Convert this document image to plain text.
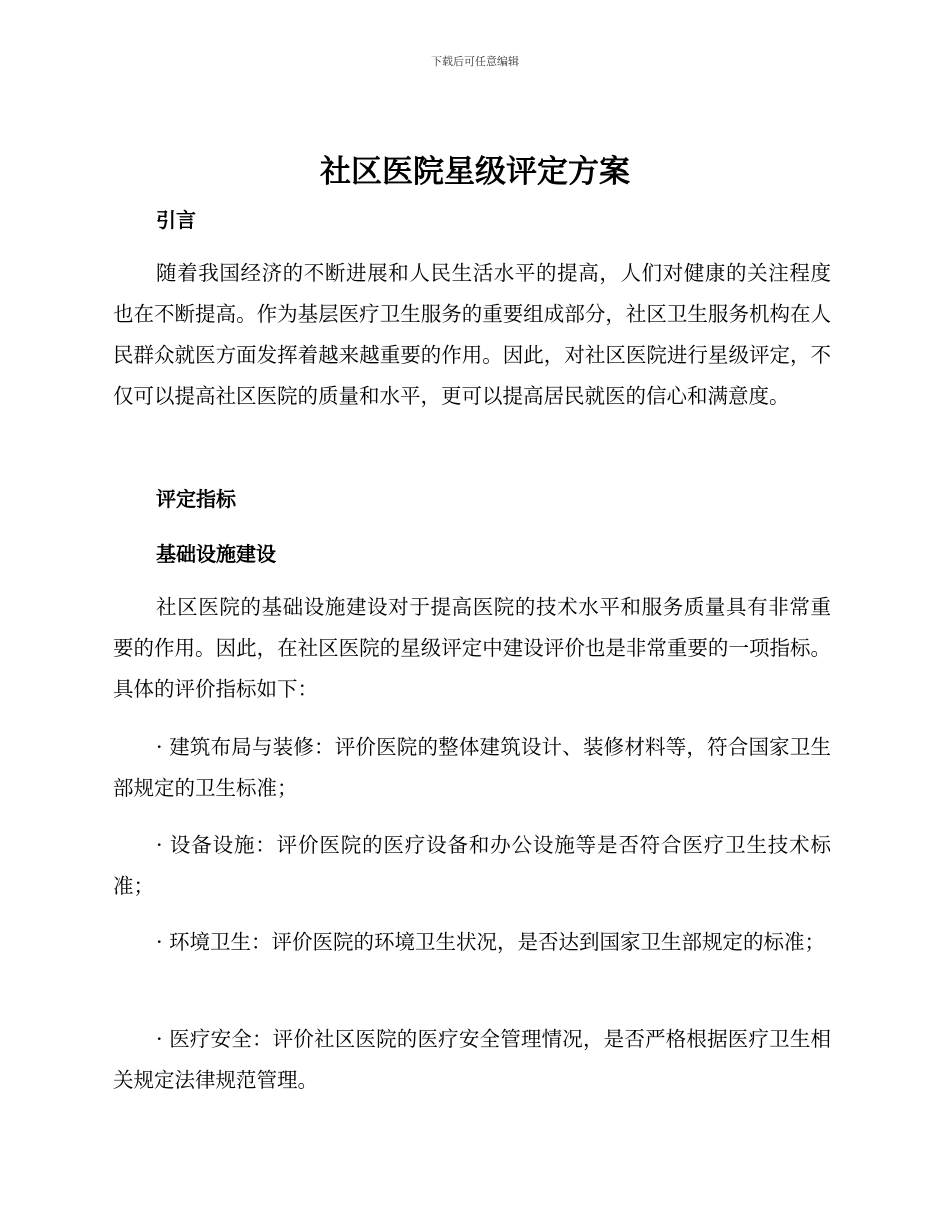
下载后可任意编辑
社区医院星级评定方案
引言

随着我国经济的不断进展和人民生活水平的提高，人们对健康的关注程度也在不断提高。作为基层医疗卫生服务的重要组成部分，社区卫生服务机构在人民群众就医方面发挥着越来越重要的作用。因此，对社区医院进行星级评定，不仅可以提高社区医院的质量和水平，更可以提高居民就医的信心和满意度。

评定指标
基础设施建设

社区医院的基础设施建设对于提高医院的技术水平和服务质量具有非常重要的作用。因此，在社区医院的星级评定中建设评价也是非常重要的一项指标。具体的评价指标如下：

· 建筑布局与装修：评价医院的整体建筑设计、装修材料等，符合国家卫生部规定的卫生标准；

· 设备设施：评价医院的医疗设备和办公设施等是否符合医疗卫生技术标准；

· 环境卫生：评价医院的环境卫生状况，是否达到国家卫生部规定的标准；

· 医疗安全：评价社区医院的医疗安全管理情况，是否严格根据医疗卫生相关规定法律规范管理。
